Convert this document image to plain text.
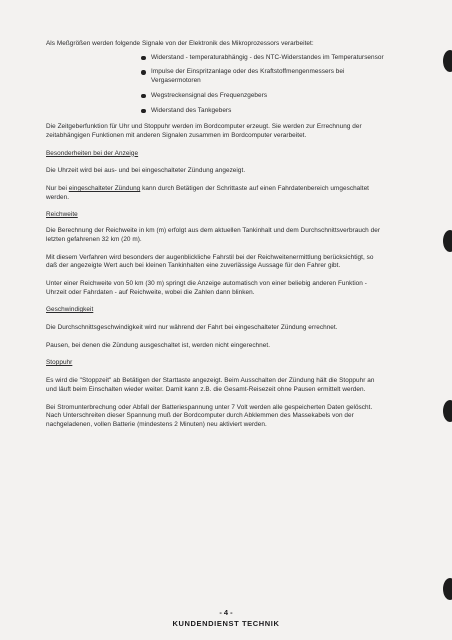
Als Meßgrößen werden folgende Signale von der Elektronik des Mikroprozessors verarbeitet:

Widerstand - temperaturabhängig - des NTC-Widerstandes im Temperatursensor
Impulse der Einspritzanlage oder des Kraftstoffmengenmessers bei Vergasermotoren
Wegstreckensignal des Frequenzgebers
Widerstand des Tankgebers

Die Zeitgeberfunktion für Uhr und Stoppuhr werden im Bordcomputer erzeugt. Sie werden zur Errechnung der zeitabhängigen Funktionen mit anderen Signalen zusammen im Bordcomputer verarbeitet.

Besonderheiten bei der Anzeige

Die Uhrzeit wird bei aus- und bei eingeschalteter Zündung angezeigt.

Nur bei eingeschalteter Zündung kann durch Betätigen der Schrittaste auf einen Fahrdatenbereich umgeschaltet werden.

Reichweite

Die Berechnung der Reichweite in km (m) erfolgt aus dem aktuellen Tankinhalt und dem Durchschnittsverbrauch der letzten gefahrenen 32 km (20 m).

Mit diesem Verfahren wird besonders der augenblickliche Fahrstil bei der Reichweitenermittlung berücksichtigt, so daß der angezeigte Wert auch bei kleinen Tankinhalten eine zuverlässige Aussage für den Fahrer gibt.

Unter einer Reichweite von 50 km (30 m) springt die Anzeige automatisch von einer beliebig anderen Funktion - Uhrzeit oder Fahrdaten - auf Reichweite, wobei die Zahlen dann blinken.

Geschwindigkeit

Die Durchschnittsgeschwindigkeit wird nur während der Fahrt bei eingeschalteter Zündung errechnet.

Pausen, bei denen die Zündung ausgeschaltet ist, werden nicht eingerechnet.

Stoppuhr

Es wird die "Stoppzeit" ab Betätigen der Starttaste angezeigt. Beim Ausschalten der Zündung hält die Stoppuhr an und läuft beim Einschalten wieder weiter. Damit kann z.B. die Gesamt-Reisezeit ohne Pausen ermittelt werden.

Bei Stromunterbrechung oder Abfall der Batteriespannung unter 7 Volt werden alle gespeicherten Daten gelöscht. Nach Unterschreiten dieser Spannung muß der Bordcomputer durch Abklemmen des Massekabels von der nachgeladenen, vollen Batterie (mindestens 2 Minuten) neu aktiviert werden.

- 4 -
KUNDENDIENST TECHNIK
